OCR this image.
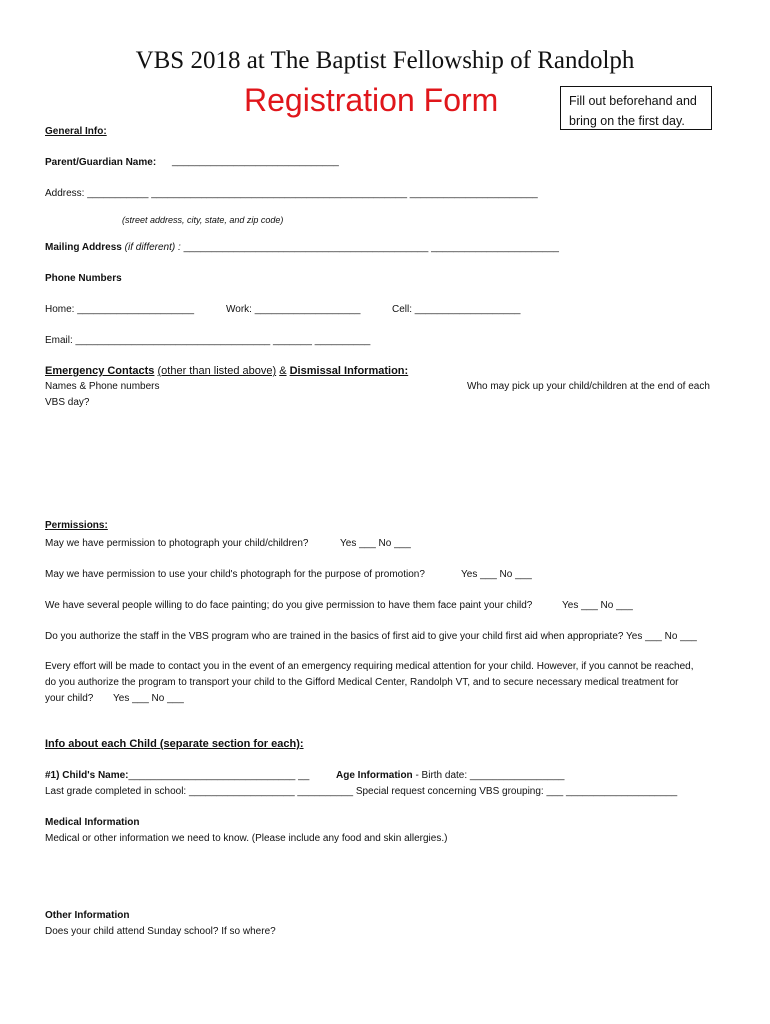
VBS 2018 at The Baptist Fellowship of Randolph
Registration Form	Fill out beforehand and bring on the first day.
General Info:
Parent/Guardian Name: ______________________________
Address: ___________ ______________________________________________ _______________________
(street address, city, state, and zip code)
Mailing Address (if different) : ____________________________________________ _______________________
Phone Numbers
Home: _____________________	Work: ___________________	Cell: ___________________
Email: ___________________________________ _______ __________
Emergency Contacts (other than listed above) & Dismissal Information:
Names & Phone numbers	Who may pick up your child/children at the end of each
VBS day?
Permissions:
May we have permission to photograph your child/children?	Yes ___ No ___
May we have permission to use your child's photograph for the purpose of promotion?	Yes ___ No ___
We have several people willing to do face painting; do you give permission to have them face paint your child?	Yes ___ No ___
Do you authorize the staff in the VBS program who are trained in the basics of first aid to give your child first aid when appropriate? Yes ___ No ___
Every effort will be made to contact you in the event of an emergency requiring medical attention for your child. However, if you cannot be reached,
do you authorize the program to transport your child to the Gifford Medical Center, Randolph VT, and to secure necessary medical treatment for
your child? Yes ___ No ___
Info about each Child (separate section for each):
#1) Child's Name:______________________________ __	Age Information - Birth date: _________________
Last grade completed in school: ___________________ __________ Special request concerning VBS grouping: ___ ____________________
Medical Information
Medical or other information we need to know. (Please include any food and skin allergies.)
Other Information
Does your child attend Sunday school? If so where?
